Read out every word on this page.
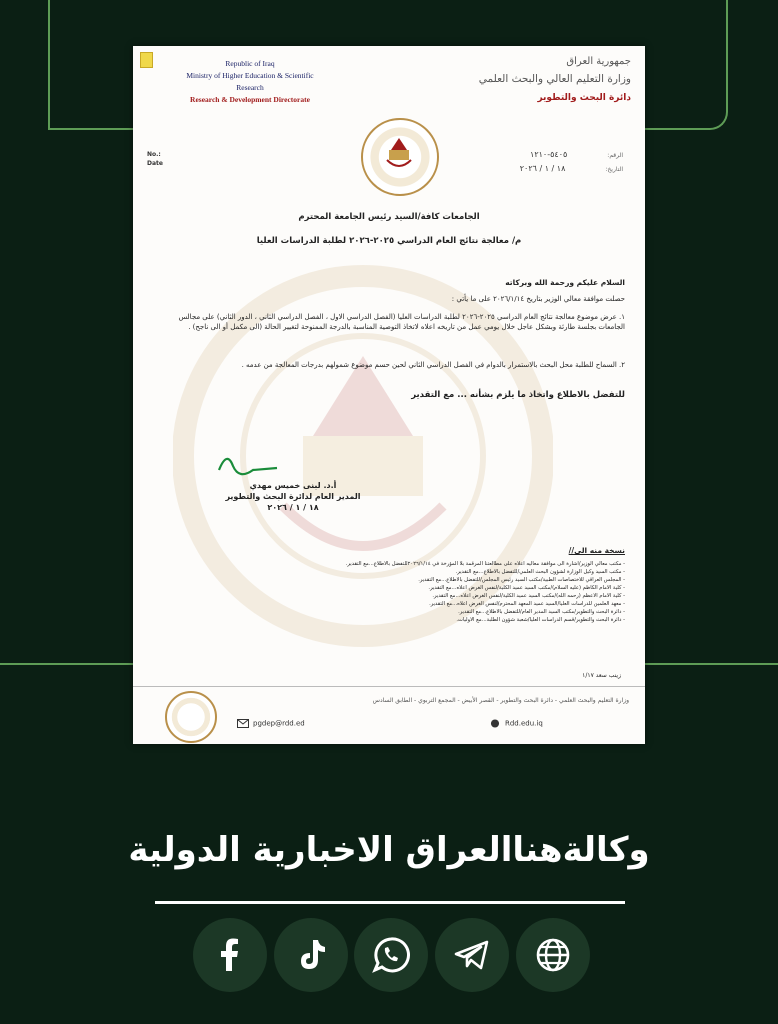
Republic of Iraq
Ministry of Higher Education & Scientific
Research
Research & Development Directorate
جمهورية العراق
وزارة التعليم العالي والبحث العلمي
دائرة البحث والتطوير
No.:
Date
الرقم:٥٤٠٥-١٢١٠
التاريخ:١٨ / ١ / ٢٠٢٦
الجامعات كافة/السيد رئيس الجامعة المحترم
م/ معالجة نتائج العام الدراسي ٢٠٢٥-٢٠٢٦ لطلبة الدراسات العليا
السلام عليكم ورحمة الله وبركاته
حصلت موافقة معالي الوزير بتاريخ ٢٠٢٦/١/١٤ على ما يأتي :
١. عرض موضوع معالجة نتائج العام الدراسي ٢٠٢٥-٢٠٢٦ لطلبة الدراسات العليا (الفصل الدراسي الاول ، الفصل الدراسي الثاني ، الدور الثاني) على مجالس الجامعات بجلسة طارئة وبشكل عاجل خلال يومي عمل من تاريخه اعلاه لاتخاذ التوصية المناسبة بالدرجة الممنوحة لتغيير الحالة (الى مكمل أو الى ناجح) .
٢. السماح للطلبة محل البحث بالاستمرار بالدوام في الفصل الدراسي الثاني لحين حسم موضوع شمولهم بدرجات المعالجة من عدمه .
للتفضل بالاطلاع واتخاذ ما يلزم بشأنه ... مع التقدير
أ.د. لبنى خميس مهدي
المدير العام لدائرة البحث والتطوير
١٨ / ١ / ٢٠٢٦
نسخة منه الى//
- مكتب معالي الوزير/اشارة الى موافقة معاليه اعلاه على مطالعتنا المرقمة بلا المؤرخة في ٢٠٢٦/١/١٤للتفضل بالاطلاع...مع التقدير.
- مكتب السيد وكيل الوزارة لشؤون البحث العلمي/للتفضل بالاطلاع...مع التقدير.
- المجلس العراقي للاختصاصات الطبية/مكتب السيد رئيس المجلس/للتفضل بالاطلاع...مع التقدير.
- كلية الامام الكاظم (عليه السلام)/مكتب السيد عميد الكلية/لنفس الغرض اعلاه...مع التقدير.
- كلية الامام الاعظم (رحمه الله)/مكتب السيد عميد الكلية/لنفس الغرض اعلاه...مع التقدير.
- معهد العلمين للدراسات العليا/السيد عميد المعهد المحترم/لنفس الغرض اعلاه...مع التقدير.
- دائرة البحث والتطوير/مكتب السيد المدير العام/للتفضل بالاطلاع...مع التقدير.
- دائرة البحث والتطوير/قسم الدراسات العليا/شعبة شؤون الطلبة...مع الاوليات.
زينب سعد ١/١٧
وزارة التعليم والبحث العلمي - دائرة البحث والتطوير - القصر الأبيض - المجمع التربوي - الطابق السادس
pgdep@rdd.ed	Rdd.edu.iq
وكالةهناالعراق الاخبارية الدولية
